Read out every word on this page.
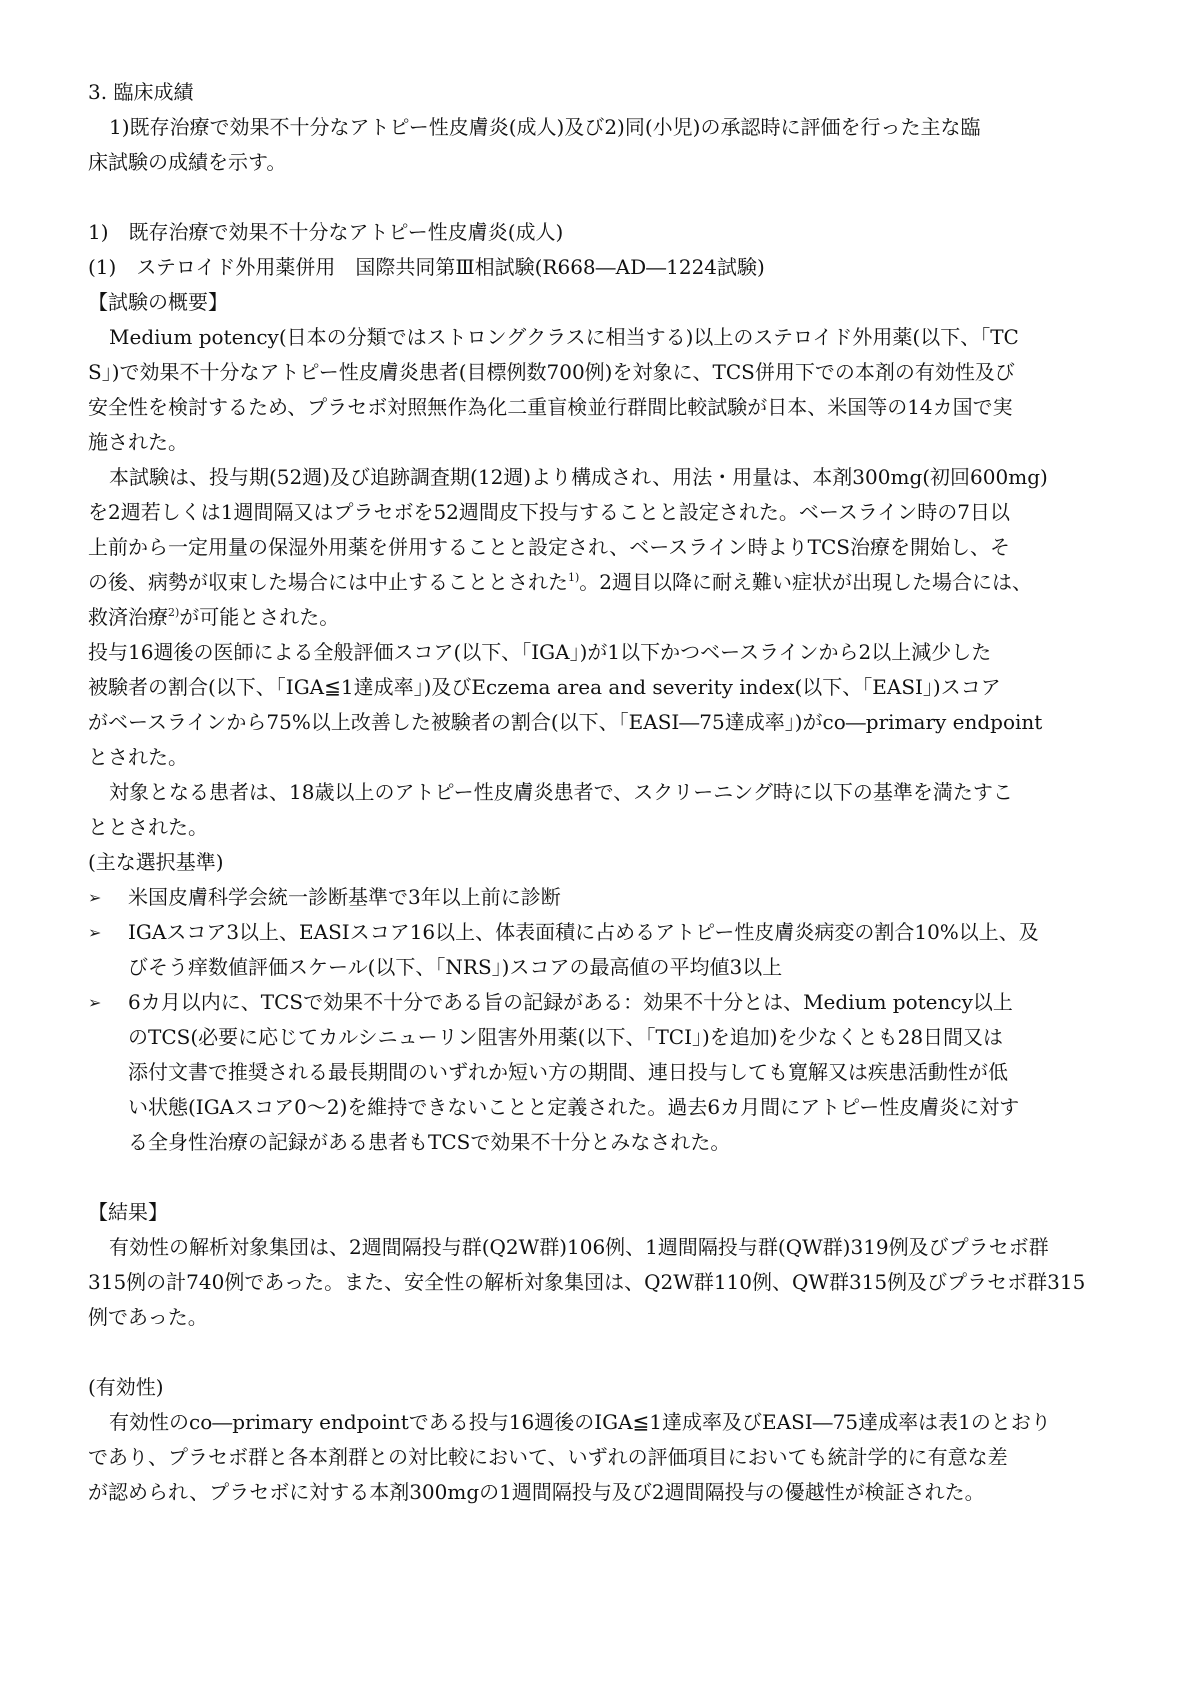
3. 臨床成績
1)既存治療で効果不十分なアトピー性皮膚炎(成人)及び2)同(小児)の承認時に評価を行った主な臨
床試験の成績を示す。
1)　既存治療で効果不十分なアトピー性皮膚炎(成人)
(1)　ステロイド外用薬併用　国際共同第Ⅲ相試験(R668―AD―1224試験)
【試験の概要】
Medium potency(日本の分類ではストロングクラスに相当する)以上のステロイド外用薬(以下、「TC
S」)で効果不十分なアトピー性皮膚炎患者(目標例数700例)を対象に、TCS併用下での本剤の有効性及び
安全性を検討するため、プラセボ対照無作為化二重盲検並行群間比較試験が日本、米国等の14カ国で実
施された。
本試験は、投与期(52週)及び追跡調査期(12週)より構成され、用法・用量は、本剤300mg(初回600mg)
を2週若しくは1週間隔又はプラセボを52週間皮下投与することと設定された。ベースライン時の7日以
上前から一定用量の保湿外用薬を併用することと設定され、ベースライン時よりTCS治療を開始し、そ
の後、病勢が収束した場合には中止することとされた$^{1)}$。2週目以降に耐え難い症状が出現した場合には、
救済治療$^{2)}$が可能とされた。
投与16週後の医師による全般評価スコア(以下、「IGA」)が1以下かつベースラインから2以上減少した
被験者の割合(以下、「IGA≦1達成率」)及びEczema area and severity index(以下、「EASI」)スコア
がベースラインから75%以上改善した被験者の割合(以下、「EASI―75達成率」)がco―primary endpoint
とされた。
対象となる患者は、18歳以上のアトピー性皮膚炎患者で、スクリーニング時に以下の基準を満たすこ
ととされた。
(主な選択基準)
➢	米国皮膚科学会統一診断基準で3年以上前に診断
➢	IGAスコア3以上、EASIスコア16以上、体表面積に占めるアトピー性皮膚炎病変の割合10%以上、及
びそう痒数値評価スケール(以下、「NRS」)スコアの最高値の平均値3以上
➢	6カ月以内に、TCSで効果不十分である旨の記録がある：効果不十分とは、Medium potency以上
のTCS(必要に応じてカルシニューリン阻害外用薬(以下、「TCI」)を追加)を少なくとも28日間又は
添付文書で推奨される最長期間のいずれか短い方の期間、連日投与しても寛解又は疾患活動性が低
い状態(IGAスコア0～2)を維持できないことと定義された。過去6カ月間にアトピー性皮膚炎に対す
る全身性治療の記録がある患者もTCSで効果不十分とみなされた。
【結果】
有効性の解析対象集団は、2週間隔投与群(Q2W群)106例、1週間隔投与群(QW群)319例及びプラセボ群
315例の計740例であった。また、安全性の解析対象集団は、Q2W群110例、QW群315例及びプラセボ群315
例であった。
(有効性)
有効性のco―primary endpointである投与16週後のIGA≦1達成率及びEASI―75達成率は表1のとおり
であり、プラセボ群と各本剤群との対比較において、いずれの評価項目においても統計学的に有意な差
が認められ、プラセボに対する本剤300mgの1週間隔投与及び2週間隔投与の優越性が検証された。
